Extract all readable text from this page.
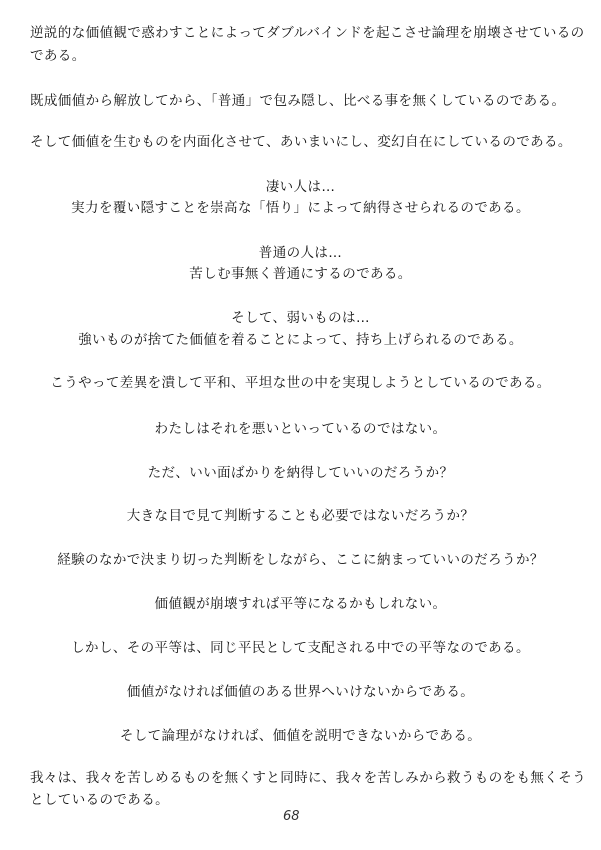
逆説的な価値観で惑わすことによってダブルバインドを起こさせ論理を崩壊させているの
である。
既成価値から解放してから、「普通」で包み隠し、比べる事を無くしているのである。
そして価値を生むものを内面化させて、あいまいにし、変幻自在にしているのである。
凄い人は…
実力を覆い隠すことを崇高な「悟り」によって納得させられるのである。
普通の人は…
苦しむ事無く普通にするのである。
そして、弱いものは…
強いものが捨てた価値を着ることによって、持ち上げられるのである。
こうやって差異を潰して平和、平坦な世の中を実現しようとしているのである。
わたしはそれを悪いといっているのではない。
ただ、いい面ばかりを納得していいのだろうか？
大きな目で見て判断することも必要ではないだろうか？
経験のなかで決まり切った判断をしながら、ここに納まっていいのだろうか？
価値観が崩壊すれば平等になるかもしれない。
しかし、その平等は、同じ平民として支配される中での平等なのである。
価値がなければ価値のある世界へいけないからである。
そして論理がなければ、価値を説明できないからである。
我々は、我々を苦しめるものを無くすと同時に、我々を苦しみから救うものをも無くそう
としているのである。
68
